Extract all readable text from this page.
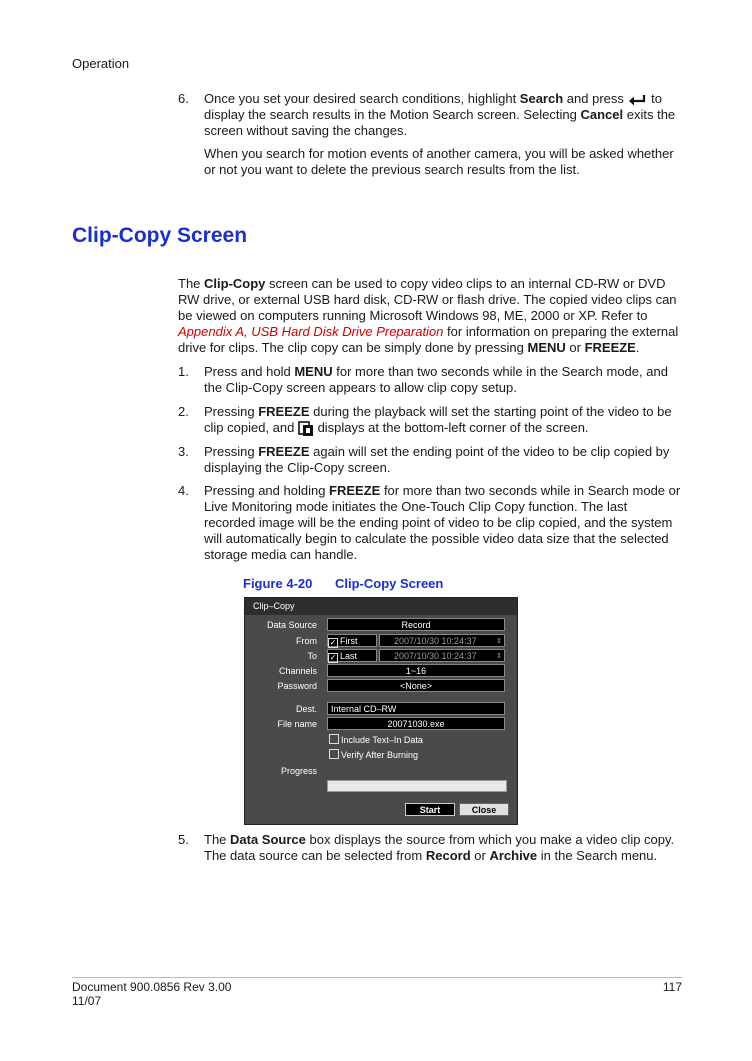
Operation
6. Once you set your desired search conditions, highlight Search and press  to display the search results in the Motion Search screen. Selecting Cancel exits the screen without saving the changes.
When you search for motion events of another camera, you will be asked whether or not you want to delete the previous search results from the list.
Clip-Copy Screen
The Clip-Copy screen can be used to copy video clips to an internal CD-RW or DVD RW drive, or external USB hard disk, CD-RW or flash drive. The copied video clips can be viewed on computers running Microsoft Windows 98, ME, 2000 or XP. Refer to Appendix A, USB Hard Disk Drive Preparation for information on preparing the external drive for clips. The clip copy can be simply done by pressing MENU or FREEZE.
1. Press and hold MENU for more than two seconds while in the Search mode, and the Clip-Copy screen appears to allow clip copy setup.
2. Pressing FREEZE during the playback will set the starting point of the video to be clip copied, and  displays at the bottom-left corner of the screen.
3. Pressing FREEZE again will set the ending point of the video to be clip copied by displaying the Clip-Copy screen.
4. Pressing and holding FREEZE for more than two seconds while in Search mode or Live Monitoring mode initiates the One-Touch Clip Copy function. The last recorded image will be the ending point of video to be clip copied, and the system will automatically begin to calculate the possible video data size that the selected storage media can handle.
Figure 4-20 Clip-Copy Screen
Clip–Copy
Data Source	Record
From	✓ First	2007/10/30 10:24:37	⇕
To	✓ Last	2007/10/30 10:24:37	⇕
Channels	1~16
Password	<None>
Dest.	Internal CD–RW
File name	20071030.exe
Include Text–In Data
Verify After Burning
Progress
Start	Close
5. The Data Source box displays the source from which you make a video clip copy. The data source can be selected from Record or Archive in the Search menu.
Document 900.0856 Rev 3.00
11/07
117
